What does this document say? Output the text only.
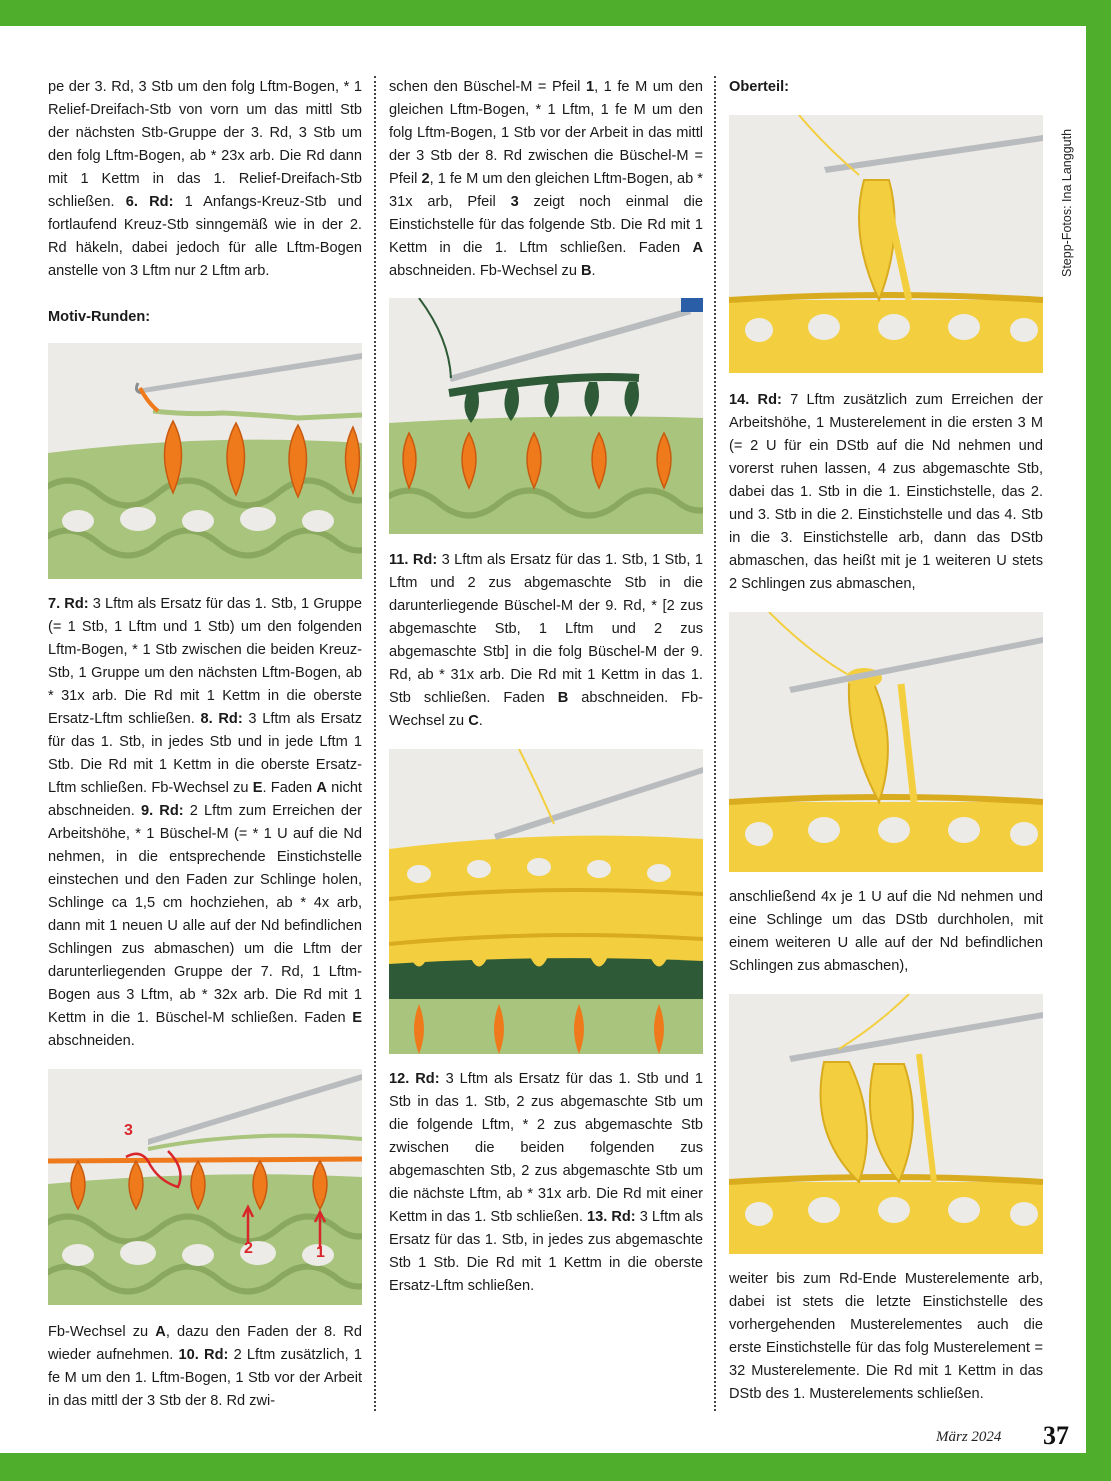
pe der 3. Rd, 3 Stb um den folg Lftm-Bogen, * 1 Relief-Dreifach-Stb von vorn um das mittl Stb der nächsten Stb-Gruppe der 3. Rd, 3 Stb um den folg Lftm-Bogen, ab * 23x arb. Die Rd dann mit 1 Kettm in das 1. Relief-Dreifach-Stb schließen. 6. Rd: 1 Anfangs-Kreuz-Stb und fortlaufend Kreuz-Stb sinngemäß wie in der 2. Rd häkeln, dabei jedoch für alle Lftm-Bogen anstelle von 3 Lftm nur 2 Lftm arb.

Motiv-Runden:

7. Rd: 3 Lftm als Ersatz für das 1. Stb, 1 Gruppe (= 1 Stb, 1 Lftm und 1 Stb) um den folgenden Lftm-Bogen, * 1 Stb zwischen die beiden Kreuz-Stb, 1 Gruppe um den nächsten Lftm-Bogen, ab * 31x arb. Die Rd mit 1 Kettm in die oberste Ersatz-Lftm schließen. 8. Rd: 3 Lftm als Ersatz für das 1. Stb, in jedes Stb und in jede Lftm 1 Stb. Die Rd mit 1 Kettm in die oberste Ersatz-Lftm schließen. Fb-Wechsel zu E. Faden A nicht abschneiden. 9. Rd: 2 Lftm zum Erreichen der Arbeitshöhe, * 1 Büschel-M (= * 1 U auf die Nd nehmen, in die entsprechende Einstichstelle einstechen und den Faden zur Schlinge holen, Schlinge ca 1,5 cm hochziehen, ab * 4x arb, dann mit 1 neuen U alle auf der Nd befindlichen Schlingen zus abmaschen) um die Lftm der darunterliegenden Gruppe der 7. Rd, 1 Lftm-Bogen aus 3 Lftm, ab * 32x arb. Die Rd mit 1 Kettm in die 1. Büschel-M schließen. Faden E abschneiden.

3
2	1

Fb-Wechsel zu A, dazu den Faden der 8. Rd wieder aufnehmen. 10. Rd: 2 Lftm zusätzlich, 1 fe M um den 1. Lftm-Bogen, 1 Stb vor der Arbeit in das mittl der 3 Stb der 8. Rd zwi-

schen den Büschel-M = Pfeil 1, 1 fe M um den gleichen Lftm-Bogen, * 1 Lftm, 1 fe M um den folg Lftm-Bogen, 1 Stb vor der Arbeit in das mittl der 3 Stb der 8. Rd zwischen die Büschel-M = Pfeil 2, 1 fe M um den gleichen Lftm-Bogen, ab * 31x arb, Pfeil 3 zeigt noch einmal die Einstichstelle für das folgende Stb. Die Rd mit 1 Kettm in die 1. Lftm schließen. Faden A abschneiden. Fb-Wechsel zu B.

11. Rd: 3 Lftm als Ersatz für das 1. Stb, 1 Stb, 1 Lftm und 2 zus abgemaschte Stb in die darunterliegende Büschel-M der 9. Rd, * [2 zus abgemaschte Stb, 1 Lftm und 2 zus abgemaschte Stb] in die folg Büschel-M der 9. Rd, ab * 31x arb. Die Rd mit 1 Kettm in das 1. Stb schließen. Faden B abschneiden. Fb-Wechsel zu C.

12. Rd: 3 Lftm als Ersatz für das 1. Stb und 1 Stb in das 1. Stb, 2 zus abgemaschte Stb um die folgende Lftm, * 2 zus abgemaschte Stb zwischen die beiden folgenden zus abgemaschten Stb, 2 zus abgemaschte Stb um die nächste Lftm, ab * 31x arb. Die Rd mit einer Kettm in das 1. Stb schließen. 13. Rd: 3 Lftm als Ersatz für das 1. Stb, in jedes zus abgemaschte Stb 1 Stb. Die Rd mit 1 Kettm in die oberste Ersatz-Lftm schließen.

Oberteil:

14. Rd: 7 Lftm zusätzlich zum Erreichen der Arbeitshöhe, 1 Musterelement in die ersten 3 M (= 2 U für ein DStb auf die Nd nehmen und vorerst ruhen lassen, 4 zus abgemaschte Stb, dabei das 1. Stb in die 1. Einstichstelle, das 2. und 3. Stb in die 2. Einstichstelle und das 4. Stb in die 3. Einstichstelle arb, dann das DStb abmaschen, das heißt mit je 1 weiteren U stets 2 Schlingen zus abmaschen,

anschließend 4x je 1 U auf die Nd nehmen und eine Schlinge um das DStb durchholen, mit einem weiteren U alle auf der Nd befindlichen Schlingen zus abmaschen),

weiter bis zum Rd-Ende Musterelemente arb, dabei ist stets die letzte Einstichstelle des vorhergehenden Musterelementes auch die erste Einstichstelle für das folg Musterelement = 32 Musterelemente. Die Rd mit 1 Kettm in das DStb des 1. Musterelements schließen.

Stepp-Fotos: Ina Langguth
März 2024 37
